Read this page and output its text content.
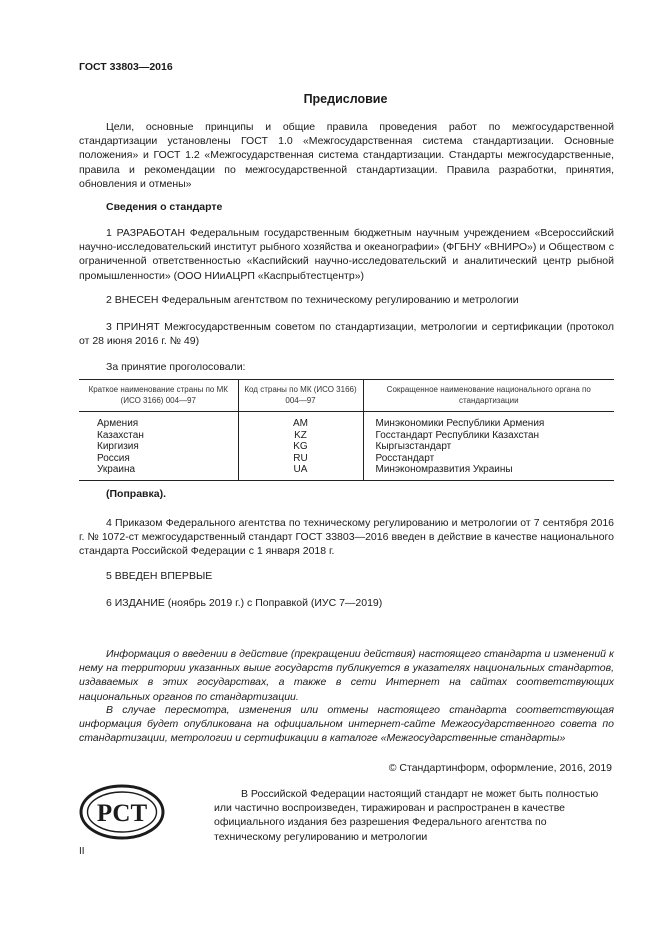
ГОСТ 33803—2016
Предисловие
Цели, основные принципы и общие правила проведения работ по межгосударственной стандартизации установлены ГОСТ 1.0 «Межгосударственная система стандартизации. Основные положения» и ГОСТ 1.2 «Межгосударственная система стандартизации. Стандарты межгосударственные, правила и рекомендации по межгосударственной стандартизации. Правила разработки, принятия, обновления и отмены»
Сведения о стандарте
1 РАЗРАБОТАН Федеральным государственным бюджетным научным учреждением «Всероссийский научно-исследовательский институт рыбного хозяйства и океанографии» (ФГБНУ «ВНИРО») и Обществом с ограниченной ответственностью «Каспийский научно-исследовательский и аналитический центр рыбной промышленности» (ООО НИиАЦРП «Каспрыбтестцентр»)
2 ВНЕСЕН Федеральным агентством по техническому регулированию и метрологии
3 ПРИНЯТ Межгосударственным советом по стандартизации, метрологии и сертификации (протокол от 28 июня 2016 г. № 49)
За принятие проголосовали:
Краткое наименование страны по МК (ИСО 3166) 004—97	Код страны по МК (ИСО 3166) 004—97	Сокращенное наименование национального органа по стандартизации
Армения	AM	Минэкономики Республики Армения
Казахстан	KZ	Госстандарт Республики Казахстан
Киргизия	KG	Кыргызстандарт
Россия	RU	Росстандарт
Украина	UA	Минэкономразвития Украины
(Поправка).
4 Приказом Федерального агентства по техническому регулированию и метрологии от 7 сентября 2016 г. № 1072-ст межгосударственный стандарт ГОСТ 33803—2016 введен в действие в качестве национального стандарта Российской Федерации с 1 января 2018 г.
5 ВВЕДЕН ВПЕРВЫЕ
6 ИЗДАНИЕ (ноябрь 2019 г.) с Поправкой (ИУС 7—2019)
Информация о введении в действие (прекращении действия) настоящего стандарта и изменений к нему на территории указанных выше государств публикуется в указателях национальных стандартов, издаваемых в этих государствах, а также в сети Интернет на сайтах соответствующих национальных органов по стандартизации.
В случае пересмотра, изменения или отмены настоящего стандарта соответствующая информация будет опубликована на официальном интернет-сайте Межгосударственного совета по стандартизации, метрологии и сертификации в каталоге «Межгосударственные стандарты»
© Стандартинформ, оформление, 2016, 2019
РСТ
В Российской Федерации настоящий стандарт не может быть полностью или частично воспроизведен, тиражирован и распространен в качестве официального издания без разрешения Федерального агентства по техническому регулированию и метрологии
II
